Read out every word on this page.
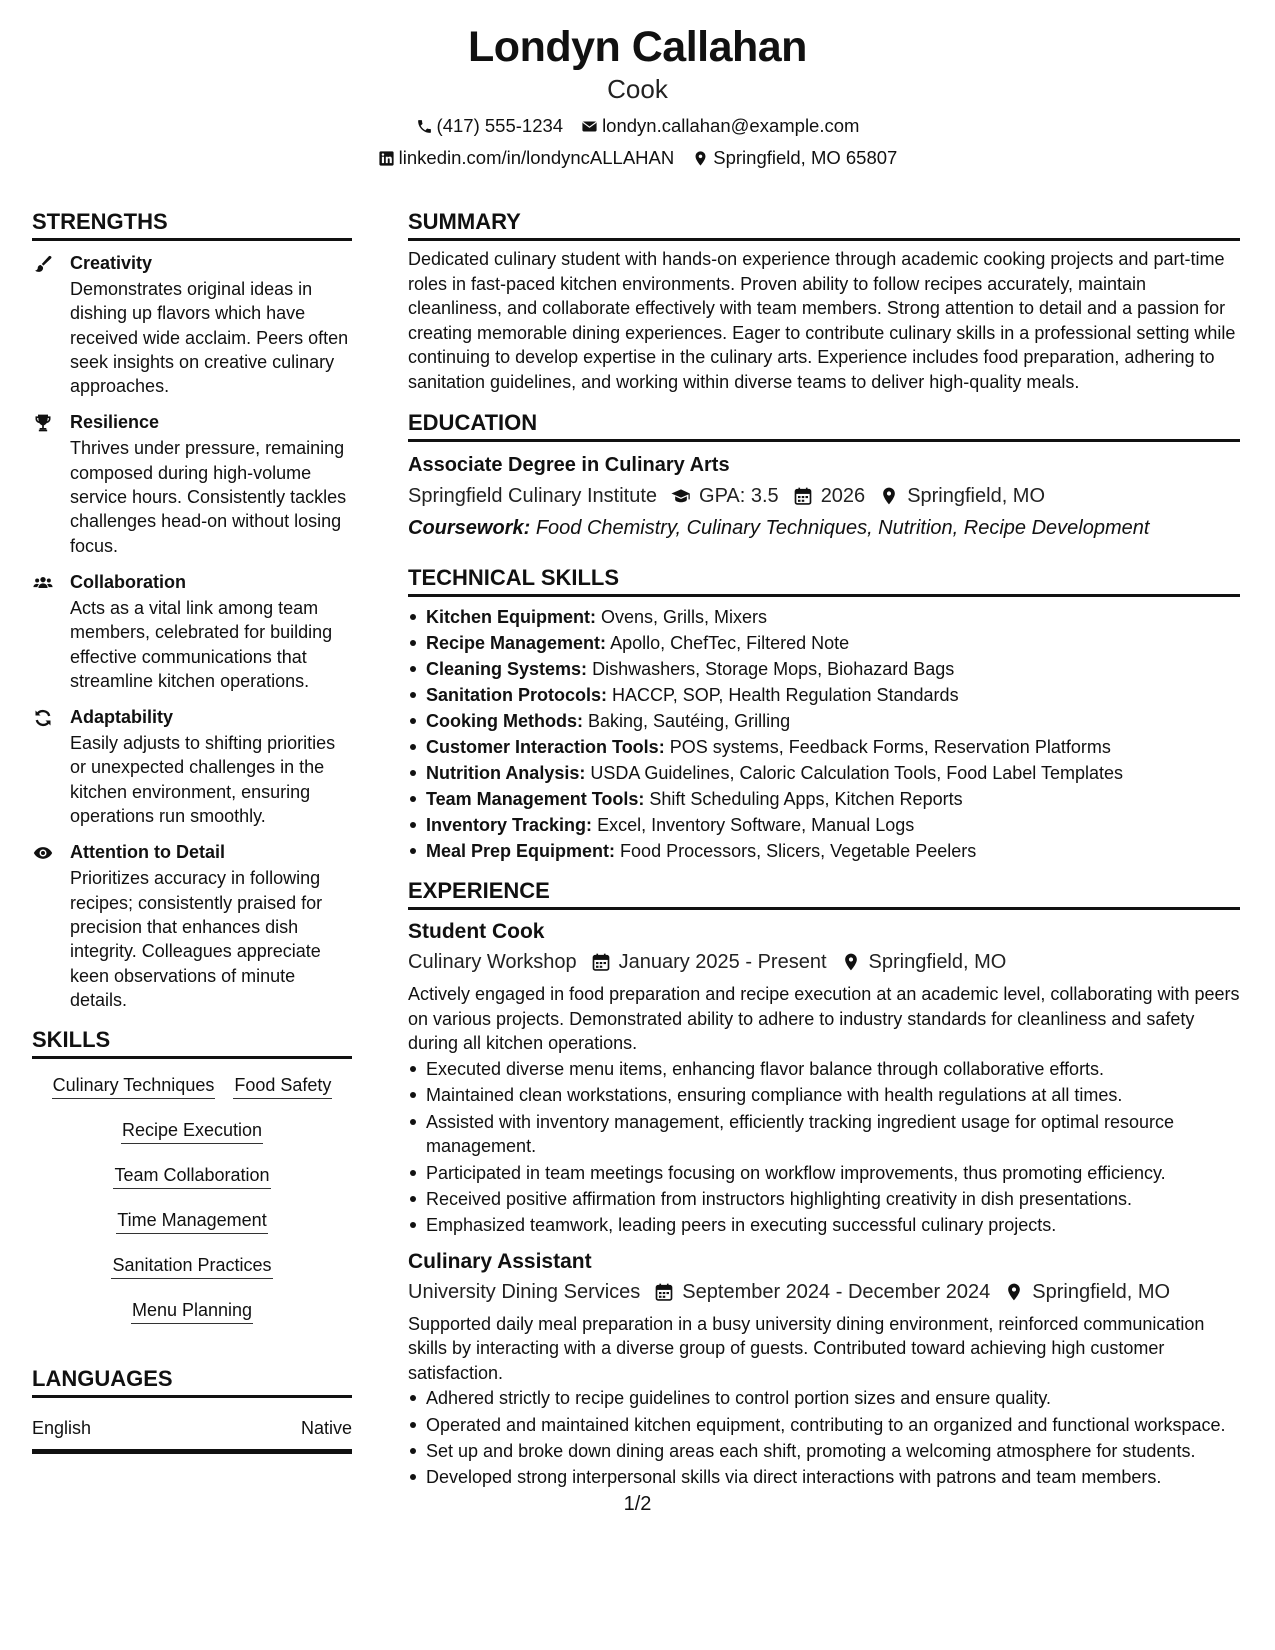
Londyn Callahan
Cook
(417) 555-1234 londyn.callahan@example.com
linkedin.com/in/londyncALLAHAN Springfield, MO 65807
STRENGTHS
Creativity
Demonstrates original ideas in dishing up flavors which have received wide acclaim. Peers often seek insights on creative culinary approaches.
Resilience
Thrives under pressure, remaining composed during high-volume service hours. Consistently tackles challenges head-on without losing focus.
Collaboration
Acts as a vital link among team members, celebrated for building effective communications that streamline kitchen operations.
Adaptability
Easily adjusts to shifting priorities or unexpected challenges in the kitchen environment, ensuring operations run smoothly.
Attention to Detail
Prioritizes accuracy in following recipes; consistently praised for precision that enhances dish integrity. Colleagues appreciate keen observations of minute details.
SKILLS
Culinary Techniques Food Safety
Recipe Execution
Team Collaboration
Time Management
Sanitation Practices
Menu Planning
LANGUAGES
English	Native
SUMMARY
Dedicated culinary student with hands-on experience through academic cooking projects and part-time roles in fast-paced kitchen environments. Proven ability to follow recipes accurately, maintain cleanliness, and collaborate effectively with team members. Strong attention to detail and a passion for creating memorable dining experiences. Eager to contribute culinary skills in a professional setting while continuing to develop expertise in the culinary arts. Experience includes food preparation, adhering to sanitation guidelines, and working within diverse teams to deliver high-quality meals.
EDUCATION
Associate Degree in Culinary Arts
Springfield Culinary Institute GPA: 3.5 2026 Springfield, MO
Coursework: Food Chemistry, Culinary Techniques, Nutrition, Recipe Development
TECHNICAL SKILLS
Kitchen Equipment: Ovens, Grills, Mixers
Recipe Management: Apollo, ChefTec, Filtered Note
Cleaning Systems: Dishwashers, Storage Mops, Biohazard Bags
Sanitation Protocols: HACCP, SOP, Health Regulation Standards
Cooking Methods: Baking, Sautéing, Grilling
Customer Interaction Tools: POS systems, Feedback Forms, Reservation Platforms
Nutrition Analysis: USDA Guidelines, Caloric Calculation Tools, Food Label Templates
Team Management Tools: Shift Scheduling Apps, Kitchen Reports
Inventory Tracking: Excel, Inventory Software, Manual Logs
Meal Prep Equipment: Food Processors, Slicers, Vegetable Peelers
EXPERIENCE
Student Cook
Culinary Workshop January 2025 - Present Springfield, MO
Actively engaged in food preparation and recipe execution at an academic level, collaborating with peers on various projects. Demonstrated ability to adhere to industry standards for cleanliness and safety during all kitchen operations.
Executed diverse menu items, enhancing flavor balance through collaborative efforts.
Maintained clean workstations, ensuring compliance with health regulations at all times.
Assisted with inventory management, efficiently tracking ingredient usage for optimal resource management.
Participated in team meetings focusing on workflow improvements, thus promoting efficiency.
Received positive affirmation from instructors highlighting creativity in dish presentations.
Emphasized teamwork, leading peers in executing successful culinary projects.
Culinary Assistant
University Dining Services September 2024 - December 2024 Springfield, MO
Supported daily meal preparation in a busy university dining environment, reinforced communication skills by interacting with a diverse group of guests. Contributed toward achieving high customer satisfaction.
Adhered strictly to recipe guidelines to control portion sizes and ensure quality.
Operated and maintained kitchen equipment, contributing to an organized and functional workspace.
Set up and broke down dining areas each shift, promoting a welcoming atmosphere for students.
Developed strong interpersonal skills via direct interactions with patrons and team members.
1/2
